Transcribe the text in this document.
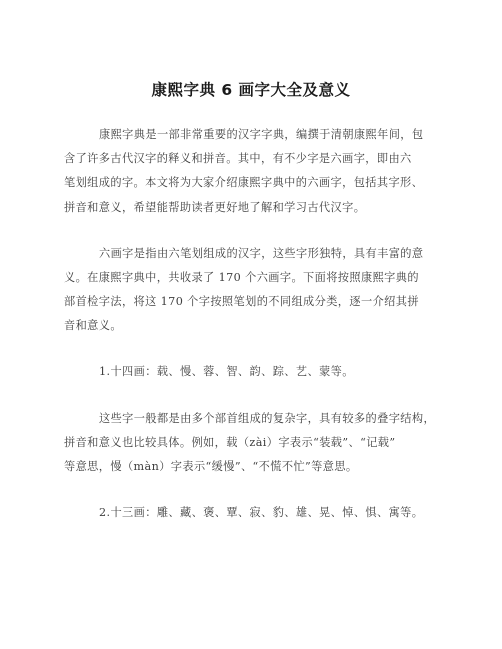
康熙字典 6 画字大全及意义
康熙字典是一部非常重要的汉字字典，编撰于清朝康熙年间，包
含了许多古代汉字的释义和拼音。其中，有不少字是六画字，即由六
笔划组成的字。本文将为大家介绍康熙字典中的六画字，包括其字形、
拼音和意义，希望能帮助读者更好地了解和学习古代汉字。
六画字是指由六笔划组成的汉字，这些字形独特，具有丰富的意
义。在康熙字典中，共收录了 170 个六画字。下面将按照康熙字典的
部首检字法，将这 170 个字按照笔划的不同组成分类，逐一介绍其拼
音和意义。
1.十四画：载、慢、蓉、智、韵、踪、艺、蒙等。
这些字一般都是由多个部首组成的复杂字，具有较多的叠字结构，
拼音和意义也比较具体。例如，载（zài）字表示“装载”、“记载”
等意思，慢（màn）字表示“缓慢”、“不慌不忙”等意思。
2.十三画：雕、藏、褒、覃、寂、豹、雄、晃、悼、惧、寓等。
